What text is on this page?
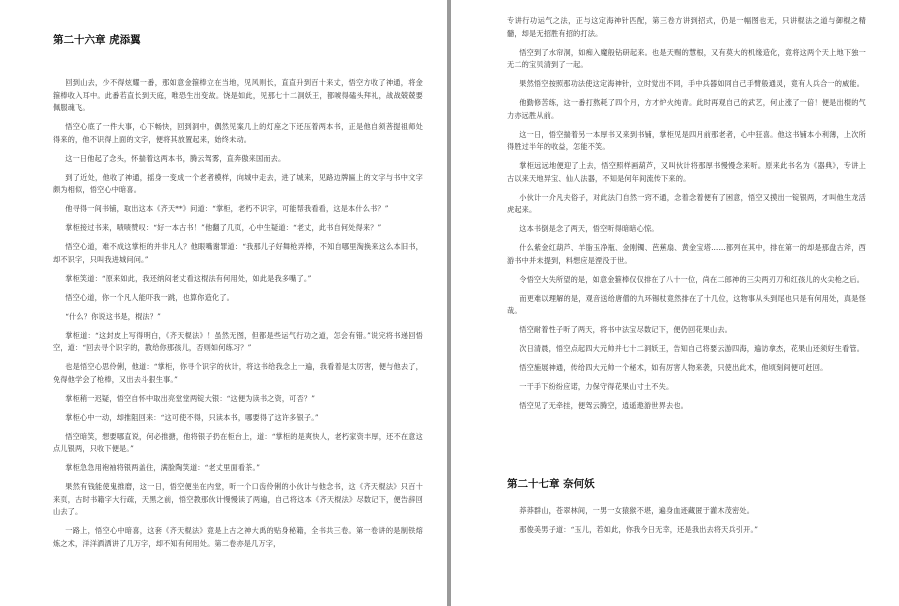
第二十六章 虎添翼

回到山去，少不得炫耀一番，那如意金箍棒立在当地，见风则长，直直升到百十来丈，悟空方收了神通，将金箍棒收入耳中。此番若直长到天庭，唯恐生出变故。饶是如此，见那七十二洞妖王，都唬得磕头拜礼，战战兢兢要佩服魂飞。

悟空心底了一件大事，心下畅快，回到洞中，偶然见案几上的灯座之下还压着两本书，正是他自须菩提祖师处得来的，他不识得上面的文字，便将其放置起来，始终未动。

这一日他起了念头，怀揣着这两本书，腾云驾雾，直奔傲来国而去。

到了近处，他收了神通，摇身一变成一个老者模样，向城中走去，进了城来，见路边牌匾上的文字与书中文字颇为相似，悟空心中暗喜。

他寻得一间书铺，取出这本《齐天**》问道：“掌柜，老朽不识字，可能帮我看看，这是本什么书？”

掌柜接过书来，啧啧赞叹：“好一本古书！”他翻了几页，心中生疑道：“老丈，此书自何处得来？”

悟空心道，难不成这掌柜的并非凡人？他眼嘴谢罪道：“我那儿子好舞枪弄棒，不知自哪里淘换来这么本旧书，却不识字，只叫我进城问问。”

掌柜笑道：“原来如此，我还纳闷老丈看这棍法有何用处，如此是我多嘴了。”

悟空心道，你一个凡人能吓我一跳，也算你造化了。

“什么？你说这书是，棍法？”

掌柜道：“这封皮上写得明白，《齐天棍法》！虽然无图，但都是些运气行功之道，怎会有错。”说完将书递回悟空，道：“回去寻个识字的，教给你那孩儿，否则如何练习？”

也是悟空心思伶俐，他道：“掌柜，你寻个识字的伙计，将这书给我念上一遍，我看着是太厉害，便与他去了，免得他学会了枪棒，又出去斗狠生事。”

掌柜稍一迟疑，悟空自怀中取出亮堂堂两锭大银：“这便为读书之资，可否？”

掌柜心中一动，却推阻回来：“这可使不得，只读本书，哪要得了这许多银子。”

悟空暗笑，想要哪直说，何必推搪，他将银子扔在柜台上，道：“掌柜的是爽快人，老朽家资丰厚，还不在意这点儿银两，只收下便是。”

掌柜急急用袍袖将银两盖住，满脸陶笑道：“老丈里面看茶。”

果然有钱能使鬼推磨，这一日，悟空便坐在内堂，听一个口齿伶俐的小伙计与他念书，这《齐天棍法》只百十来页，古时书籍字大行疏，天黑之前，悟空教那伙计慢慢读了两遍，自己将这本《齐天棍法》尽数记下，便告辞回山去了。

一路上，悟空心中暗喜，这套《齐天棍法》竟是上古之神大禹的贴身秘籍，全书共三卷。第一卷讲的是制铁熔炼之术，洋洋洒洒讲了几万字，却不知有何用处。第二卷亦是几万字，

专讲行功运气之法，正与这定海神针匹配，第三卷方讲到招式，仍是一幅图也无，只讲棍法之道与御棍之精髓，却是无招胜有招的打法。

悟空到了水帘洞，如痴入魔般钻研起来。也是天赐的慧根，又有莫大的机缘造化，竟将这两个天上地下独一无二的宝贝清到了一起。

果然悟空按照那功法使这定海神针，立时觉出不同，手中兵器如同自己手臂般通灵，竟有人兵合一的威能。

他勤修苦练，这一番打熬耗了四个月，方才炉火纯青。此时再观自己的武艺，何止涨了一倍！便是出棍的气力亦远胜从前。

这一日，悟空揣着另一本厚书又来到书铺，掌柜见是四月前那老者，心中狂喜。他这书铺本小利薄，上次所得胜过半年的收益，怎能不笑。

掌柜远远地便迎了上去，悟空照样画葫芦，又叫伙计将那厚书慢慢念来听。原来此书名为《器典》，专讲上古以来天地异宝、仙人法器，不知是何年间流传下来的。

小伙计一介凡夫俗子，对此法门自然一窍不通，念着念着便有了困意，悟空又摸出一锭银两，才叫他生龙活虎起来。

这本书倒是念了两天，悟空听得暗暗心惊。

什么紫金红葫芦、羊脂玉净瓶、金刚镯、芭蕉扇、黄金宝塔……都列在其中，排在第一的却是那盘古斧，西游书中并未提到，料想应是湮没于世。

令悟空大失所望的是，如意金箍棒仅仅排在了八十一位，尚在二郎神的三尖两刃刀和红孩儿的火尖枪之后。

而更难以理解的是，观音送给唐僧的九环锡杖竟然排在了十几位，这物事从头到尾也只是有何用处，真是怪哉。

悟空耐着性子听了两天，将书中法宝尽数记下，便仍回花果山去。

次日清晨，悟空点起四大元帅并七十二洞妖王，告知自己将要云游四海，遍访拿杰，花果山还须好生看管。

悟空施展神通，传给四大元帅一个秘术，如有厉害人物来袭，只使出此术，他顷刻间便可赶回。

一干手下纷纷应诺，力保守得花果山寸土不失。

悟空见了无牵挂，便驾云腾空，逍遥遨游世界去也。

第二十七章 奈何妖

莽莽群山，苍翠林间，一男一女猿猴不堪，遍身血迹藏匿于灌木茂密处。

那俊美男子道：“玉儿，若如此，你我今日无幸，还是我出去将天兵引开。”
